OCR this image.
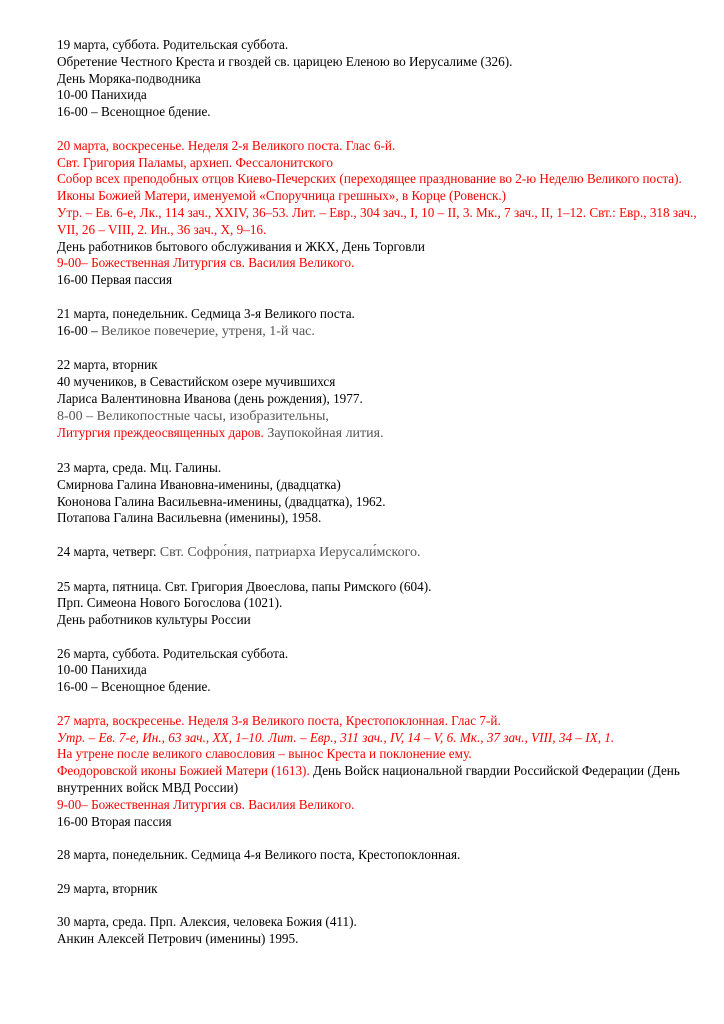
19 марта, суббота. Родительская суббота.
Обретение Честного Креста и гвоздей св. царицею Еленою во Иерусалиме (326).
День Моряка-подводника
10-00 Панихида
16-00 – Всенощное бдение.
20 марта, воскресенье. Неделя 2-я Великого поста. Глас 6-й.
Свт. Григория Паламы, архиеп. Фессалонитского
Собор всех преподобных отцов Киево-Печерских (переходящее празднование во 2-ю Неделю Великого поста).
Иконы Божией Матери, именуемой «Споручница грешных», в Корце (Ровенск.)
Утр. – Ев. 6-е, Лк., 114 зач., XXIV, 36–53. Лит. – Евр., 304 зач., I, 10 – II, 3. Мк., 7 зач., II, 1–12. Свт.: Евр., 318 зач., VII, 26 – VIII, 2. Ин., 36 зач., X, 9–16.
День работников бытового обслуживания и ЖКХ, День Торговли
9-00– Божественная Литургия св. Василия Великого.
16-00 Первая пассия
21 марта, понедельник. Седмица 3-я Великого поста.
16-00 – Великое повечерие, утреня, 1-й час.
22 марта, вторник
40 мучеников, в Севастийском озере мучившихся
Лариса Валентиновна Иванова (день рождения), 1977.
8-00 – Великопостные часы, изобразительны,
Литургия преждеосвященных даров. Заупокойная лития.
23 марта, среда. Мц. Галины.
Смирнова Галина Ивановна-именины, (двадцатка)
Кононова Галина Васильевна-именины, (двадцатка), 1962.
Потапова Галина Васильевна (именины), 1958.
24 марта, четверг. Свт. Софро́ния, патриарха Иерусали́мского.
25 марта, пятница. Свт. Григория Двоеслова, папы Римского (604).
Прп. Симеона Нового Богослова (1021).
День работников культуры России
26 марта, суббота. Родительская суббота.
10-00 Панихида
16-00 – Всенощное бдение.
27 марта, воскресенье. Неделя 3-я Великого поста, Крестопоклонная. Глас 7-й.
Утр. – Ев. 7-е, Ин., 63 зач., XX, 1–10. Лит. – Евр., 311 зач., IV, 14 – V, 6. Мк., 37 зач., VIII, 34 – IX, 1.
На утрене после великого славословия – вынос Креста и поклонение ему.
Феодоровской иконы Божией Матери (1613). День Войск национальной гвардии Российской Федерации (День внутренних войск МВД России)
9-00– Божественная Литургия св. Василия Великого.
16-00 Вторая пассия
28 марта, понедельник. Седмица 4-я Великого поста, Крестопоклонная.
29 марта, вторник
30 марта, среда. Прп. Алексия, человека Божия (411).
Анкин Алексей Петрович (именины) 1995.
